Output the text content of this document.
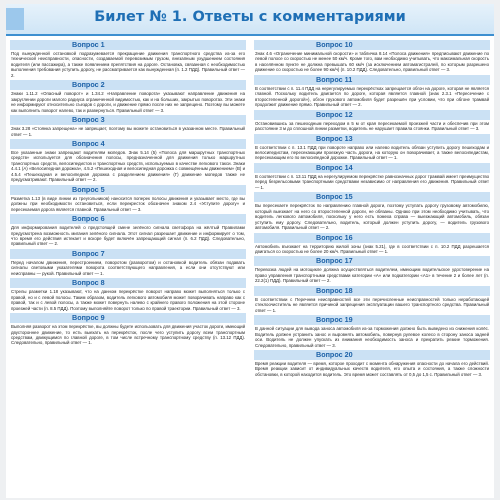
Билет № 1. Ответы с комментариями
Вопрос 1
Под вынужденной остановкой подразумевается прекращение движения транспортного средства из-за его технической неисправности, опасности, создаваемой перевозимым грузом, внезапным ухудшением состояния водителя (или пассажира), а также появлением препятствия на дороге. Остановка, связанная с необходимостью выполнения требования уступить дорогу, не рассматривается как вынужденная (п. 1.2 ПДД). Правильный ответ — 2.
Вопрос 2
Знаки 1.11.2 «Опасный поворот» и 1.34.2 «Направление поворота» указывают направление движения на закруглении дороги малого радиуса ограниченной видимостью, как и на больших, закрытых поворотах. Эти знаки не информируют относительно съездов с дороги, и движение прямо после них не запрещено. Поэтому вы можете как выполнить поворот налево, так и развернуться. Правильный ответ — 3.
Вопрос 3
Знак 3.28 «Стоянка запрещена» не запрещает, поэтому вы можете остановиться в указанном месте. Правильный ответ — 1.
Вопрос 4
Все указанные знаки запрещают водителям мопедов. Знак 5.14 (5) «Полоса для маршрутных транспортных средств» используется для обозначения полосы, предназначенной для движения только маршрутных транспортных средств, велосипедистов и транспортных средств, используемых в качестве легкового такси. Знаки 4.4.1 (А) «Велосипедная дорожка», 4.5.2 «Пешеходная и велосипедная дорожка с совмещённым движением» (В) и 4.5.4 «Пешеходная и велосипедная дорожка с разделением движения» (Г) движение мопедов также не предусматривают. Правильный ответ — 2.
Вопрос 5
Разметка 1.13 (в виде линии из треугольников) наносится поперек полосы движения и указывает место, где вы должны при необходимости остановиться, если перекресток обозначен знаком 2.4 «Уступите дорогу» и пересекаемая дорога является главной. Правильный ответ — 3.
Вопрос 6
Для информирования водителей о предстоящей смене зелёного сигнала светофора на жёлтый Правилами предусмотрена возможность мигания зелёного сигнала. Этот сигнал разрешает движение и информирует о том, что время его действия истекает и вскоре будет включён запрещающий сигнал (п. 6.2 ПДД). Следовательно, правильный ответ — 2.
Вопрос 7
Перед началом движения, перестроением, поворотом (разворотом) и остановкой водитель обязан подавать сигналы световыми указателями поворота соответствующего направления, а если они отсутствуют или неисправны — рукой. Правильный ответ — 1.
Вопрос 8
Стрелы разметки 1.18 указывают, что на данном перекрёстке поворот направо может выполняться только с правой, но и с левой полосы. Таким образом, водитель легкового автомобиля может поворачивать направо как с правой, так и с левой полосы, а также может повернуть налево с крайнего правого положения на этой стороне проезжей части (п. 8.5 ПДД). Поэтому выполняйте поворот только по правой траектории. Правильный ответ — 3.
Вопрос 9
Выполняя разворот на этом перекрёстке, вы должны будете использовать для движения участок дороги, имеющий двустороннее движение, то есть выехать на перекрёсток, после чего уступить дорогу всем транспортным средствам, движущимся по главной дороге, в том числе встречному транспортному средству (п. 13.12 ПДД). Следовательно, правильный ответ — 1.
Вопрос 10
Знак 4.6 «Ограничение минимальной скорости» и табличка 8.14 «Полоса движения» предписывают движение по левой полосе со скоростью не менее 50 км/ч. Кроме того, вам необходимо учитывать, что максимальная скорость в населённом пункте не должна превышать 60 км/ч (за исключением автомагистралей, по которым разрешено движение со скоростью не более 90 км/ч) (п. 10.2 ПДД). Следовательно, правильный ответ — 3.
Вопрос 11
В соответствии с п. 11.4 ПДД на нерегулируемых перекрёстках запрещается обгон на дороге, которая не является главной. Поскольку водитель двигается по дороге, которая является главной (знак 2.3.1 «Пересечение с второстепенной дорогой»), обгон грузового автомобиля будет разрешён при условии, что при обгоне трамвай продолжит движение прямо. Правильный ответ — 2.
Вопрос 12
Остановившись за пешеходным переходом в 5 м от края пересекаемой проезжей части и обеспечив при этом расстояние 3 м до сплошной линии разметки, водитель не нарушает правила стоянки. Правильный ответ — 3.
Вопрос 13
В соответствии с п. 13.1 ПДД при повороте направо или налево водитель обязан уступить дорогу пешеходам и велосипедистам, пересекающим проезжую часть дороги, на которую он поворачивает, а также велосипедистам, пересекающим его по велосипедной дорожке. Правильный ответ — 1.
Вопрос 14
В соответствии с п. 13.11 ПДД на нерегулируемом перекрёстке равнозначных дорог трамвай имеет преимущество перед безрельсовыми транспортными средствами независимо от направления его движения. Правильный ответ — 1.
Вопрос 15
Вы пересекаете перекрёсток по направлению главной дороги, поэтому уступать дорогу грузовому автомобилю, который выезжает на него со второстепенной дороги, не обязаны. Однако при этом необходимо учитывать, что водитель легкового автомобиля, поскольку у него есть помеха справа — выезжающий автомобиль, обязан уступить ему дорогу. Следовательно, водитель, который должен уступить дорогу, — водитель грузового автомобиля. Правильный ответ — 2.
Вопрос 16
Автомобиль въезжает на территорию жилой зоны (знак 5.21), где в соответствии с п. 10.2 ПДД разрешается двигаться со скоростью не более 20 км/ч. Правильный ответ — 1.
Вопрос 17
Перевозка людей на мотоцикле должна осуществляться водителем, имеющим водительское удостоверение на право управления транспортными средствами категории «А» или подкатегории «А1» в течение 2 и более лет (п. 22.2(1) ПДД). Правильный ответ — 2.
Вопрос 18
В соответствии с Перечнем неисправностей все эти перечисленные неисправностей только неработающей стеклоочиститель не является причиной запрещения эксплуатации вашего транспортного средства. Правильный ответ — 1.
Вопрос 19
В данной ситуации для вывода заноса автомобиля из-за торможения должно быть выведено из снижения колёс. Водитель должен устранить занос и выровнять автомобиль, повернув рулевое колесо в сторону заноса задней оси. Водитель не должен упускать из внимания необходимость заноса и прекратить резкие торможения. Следовательно, правильный ответ — 3.
Вопрос 20
Время реакции водителя — время, которое проходит с момента обнаружения опасности до начала его действий. Время реакции зависит от индивидуальных качеств водителя, его опыта и состояния, а также сложности обстановки, в которой находится водитель. Это время может составлять от 0,5 до 1,5 с. Правильный ответ — 3.
